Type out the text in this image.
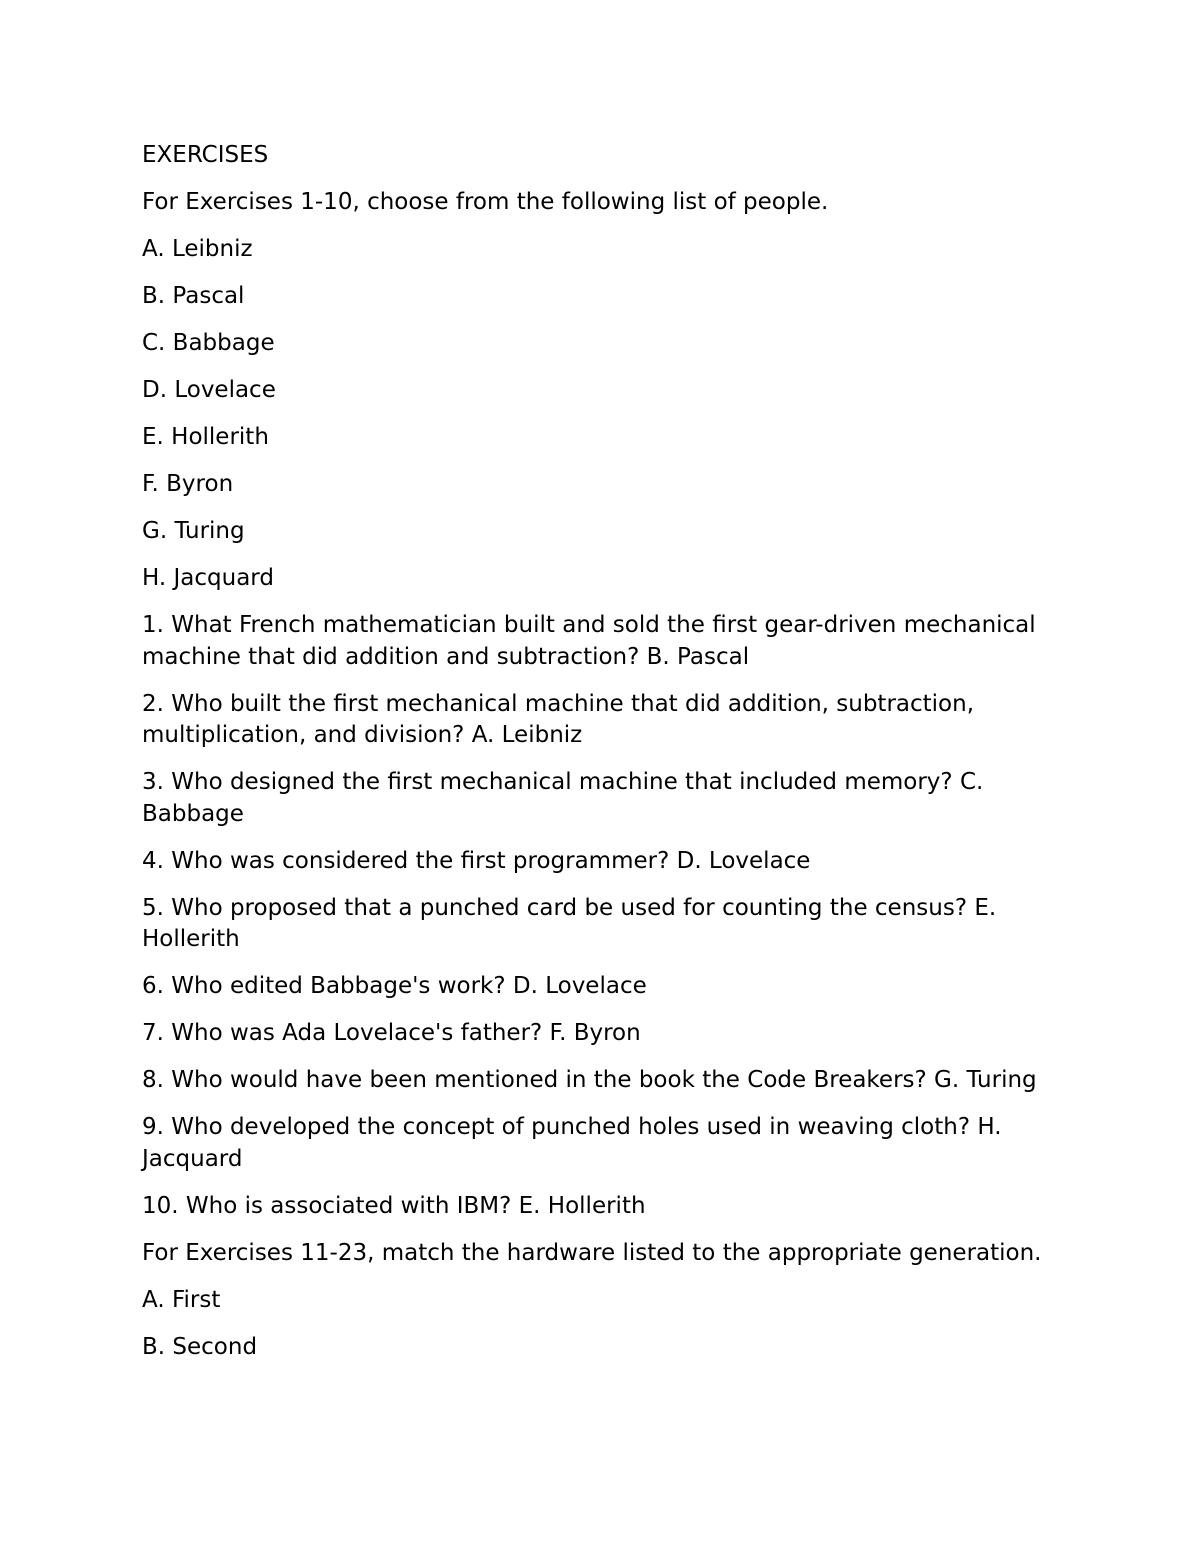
EXERCISES

For Exercises 1-10, choose from the following list of people.

A. Leibniz

B. Pascal

C. Babbage

D. Lovelace

E. Hollerith

F. Byron

G. Turing

H. Jacquard

1. What French mathematician built and sold the first gear-driven mechanical machine that did addition and subtraction? B. Pascal

2. Who built the first mechanical machine that did addition, subtraction, multiplication, and division? A. Leibniz

3. Who designed the first mechanical machine that included memory? C. Babbage

4. Who was considered the first programmer? D. Lovelace

5. Who proposed that a punched card be used for counting the census? E. Hollerith

6. Who edited Babbage's work? D. Lovelace

7. Who was Ada Lovelace's father? F. Byron

8. Who would have been mentioned in the book the Code Breakers? G. Turing

9. Who developed the concept of punched holes used in weaving cloth? H. Jacquard

10. Who is associated with IBM? E. Hollerith

For Exercises 11-23, match the hardware listed to the appropriate generation.

A. First

B. Second
